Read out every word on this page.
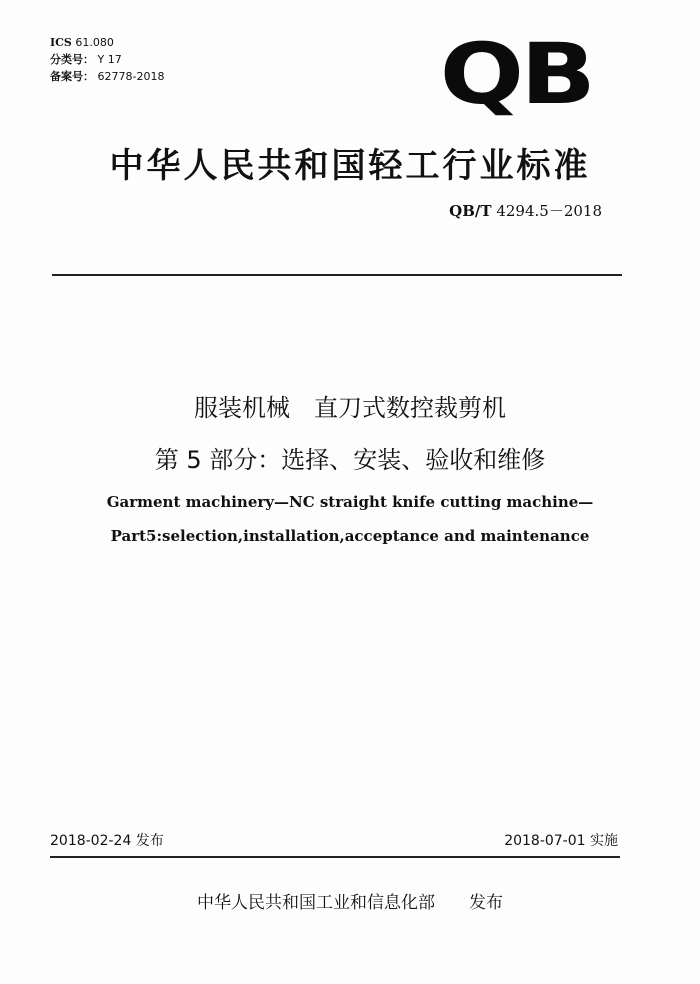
ICS 61.080
分类号： Y 17
备案号： 62778-2018	QB
中华人民共和国轻工行业标准
QB/T 4294.5－2018
服装机械　直刀式数控裁剪机
第 5 部分：选择、安装、验收和维修
Garment machinery—NC straight knife cutting machine—
Part5:selection,installation,acceptance and maintenance
2018-02-24 发布	2018-07-01 实施
中华人民共和国工业和信息化部　　发布
